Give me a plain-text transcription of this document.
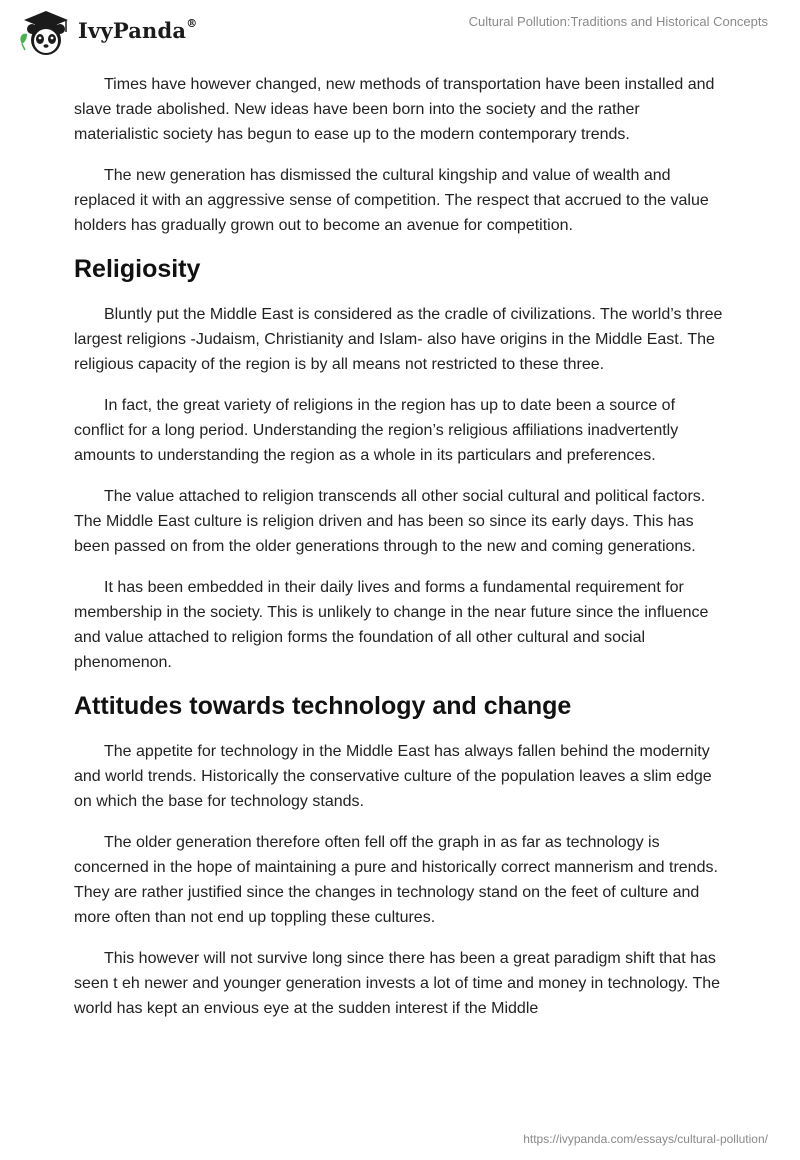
IvyPanda®	Cultural Pollution:Traditions and Historical Concepts

Times have however changed, new methods of transportation have been installed and slave trade abolished. New ideas have been born into the society and the rather materialistic society has begun to ease up to the modern contemporary trends.

The new generation has dismissed the cultural kingship and value of wealth and replaced it with an aggressive sense of competition. The respect that accrued to the value holders has gradually grown out to become an avenue for competition.

Religiosity

Bluntly put the Middle East is considered as the cradle of civilizations. The world’s three largest religions -Judaism, Christianity and Islam- also have origins in the Middle East. The religious capacity of the region is by all means not restricted to these three.

In fact, the great variety of religions in the region has up to date been a source of conflict for a long period. Understanding the region’s religious affiliations inadvertently amounts to understanding the region as a whole in its particulars and preferences.

The value attached to religion transcends all other social cultural and political factors. The Middle East culture is religion driven and has been so since its early days. This has been passed on from the older generations through to the new and coming generations.

It has been embedded in their daily lives and forms a fundamental requirement for membership in the society. This is unlikely to change in the near future since the influence and value attached to religion forms the foundation of all other cultural and social phenomenon.

Attitudes towards technology and change

The appetite for technology in the Middle East has always fallen behind the modernity and world trends. Historically the conservative culture of the population leaves a slim edge on which the base for technology stands.

The older generation therefore often fell off the graph in as far as technology is concerned in the hope of maintaining a pure and historically correct mannerism and trends. They are rather justified since the changes in technology stand on the feet of culture and more often than not end up toppling these cultures.

This however will not survive long since there has been a great paradigm shift that has seen t eh newer and younger generation invests a lot of time and money in technology. The world has kept an envious eye at the sudden interest if the Middle

https://ivypanda.com/essays/cultural-pollution/
